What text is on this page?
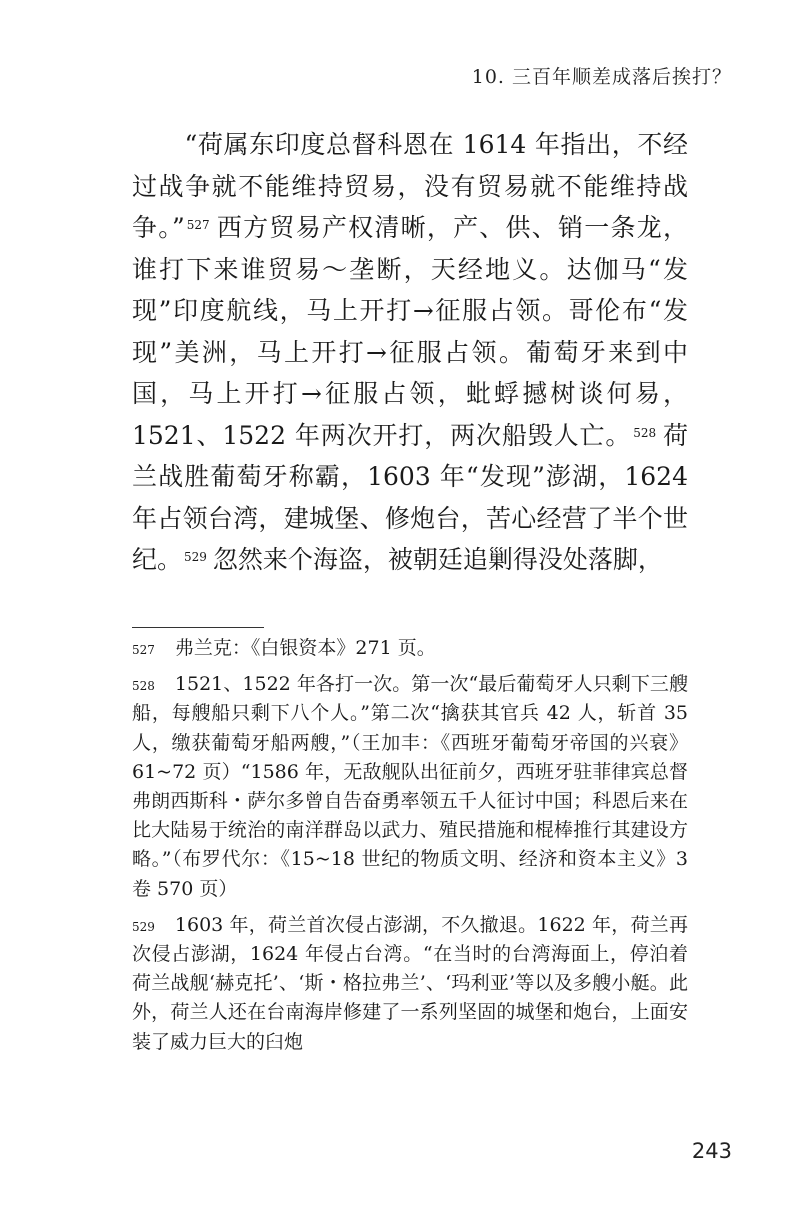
10. 三百年顺差成落后挨打？

“荷属东印度总督科恩在 1614 年指出，不经过战争就不能维持贸易，没有贸易就不能维持战争。” $^{527}$ 西方贸易产权清晰，产、供、销一条龙，谁打下来谁贸易～垄断，天经地义。达伽马“发现”印度航线，马上开打→征服占领。哥伦布“发现”美洲，马上开打→征服占领。葡萄牙来到中国，马上开打→征服占领，蚍蜉撼树谈何易，1521、1522 年两次开打，两次船毁人亡。 $^{528}$ 荷兰战胜葡萄牙称霸，1603 年“发现”澎湖，1624 年占领台湾，建城堡、修炮台，苦心经营了半个世纪。 $^{529}$ 忽然来个海盗，被朝廷追剿得没处落脚，

$^{527}$ 弗兰克：《白银资本》271 页。

$^{528}$ 1521、1522 年各打一次。第一次“最后葡萄牙人只剩下三艘船，每艘船只剩下八个人。”第二次“擒获其官兵 42 人，斩首 35 人，缴获葡萄牙船两艘，”（王加丰：《西班牙葡萄牙帝国的兴衰》61~72 页）“1586 年，无敌舰队出征前夕，西班牙驻菲律宾总督弗朗西斯科・萨尔多曾自告奋勇率领五千人征讨中国；科恩后来在比大陆易于统治的南洋群岛以武力、殖民措施和棍棒推行其建设方略。”（布罗代尔：《15~18 世纪的物质文明、经济和资本主义》3 卷 570 页）

$^{529}$ 1603 年，荷兰首次侵占澎湖，不久撤退。1622 年，荷兰再次侵占澎湖，1624 年侵占台湾。“在当时的台湾海面上，停泊着荷兰战舰‘赫克托’、‘斯・格拉弗兰’、‘玛利亚’等以及多艘小艇。此外，荷兰人还在台南海岸修建了一系列坚固的城堡和炮台，上面安装了威力巨大的臼炮

243
